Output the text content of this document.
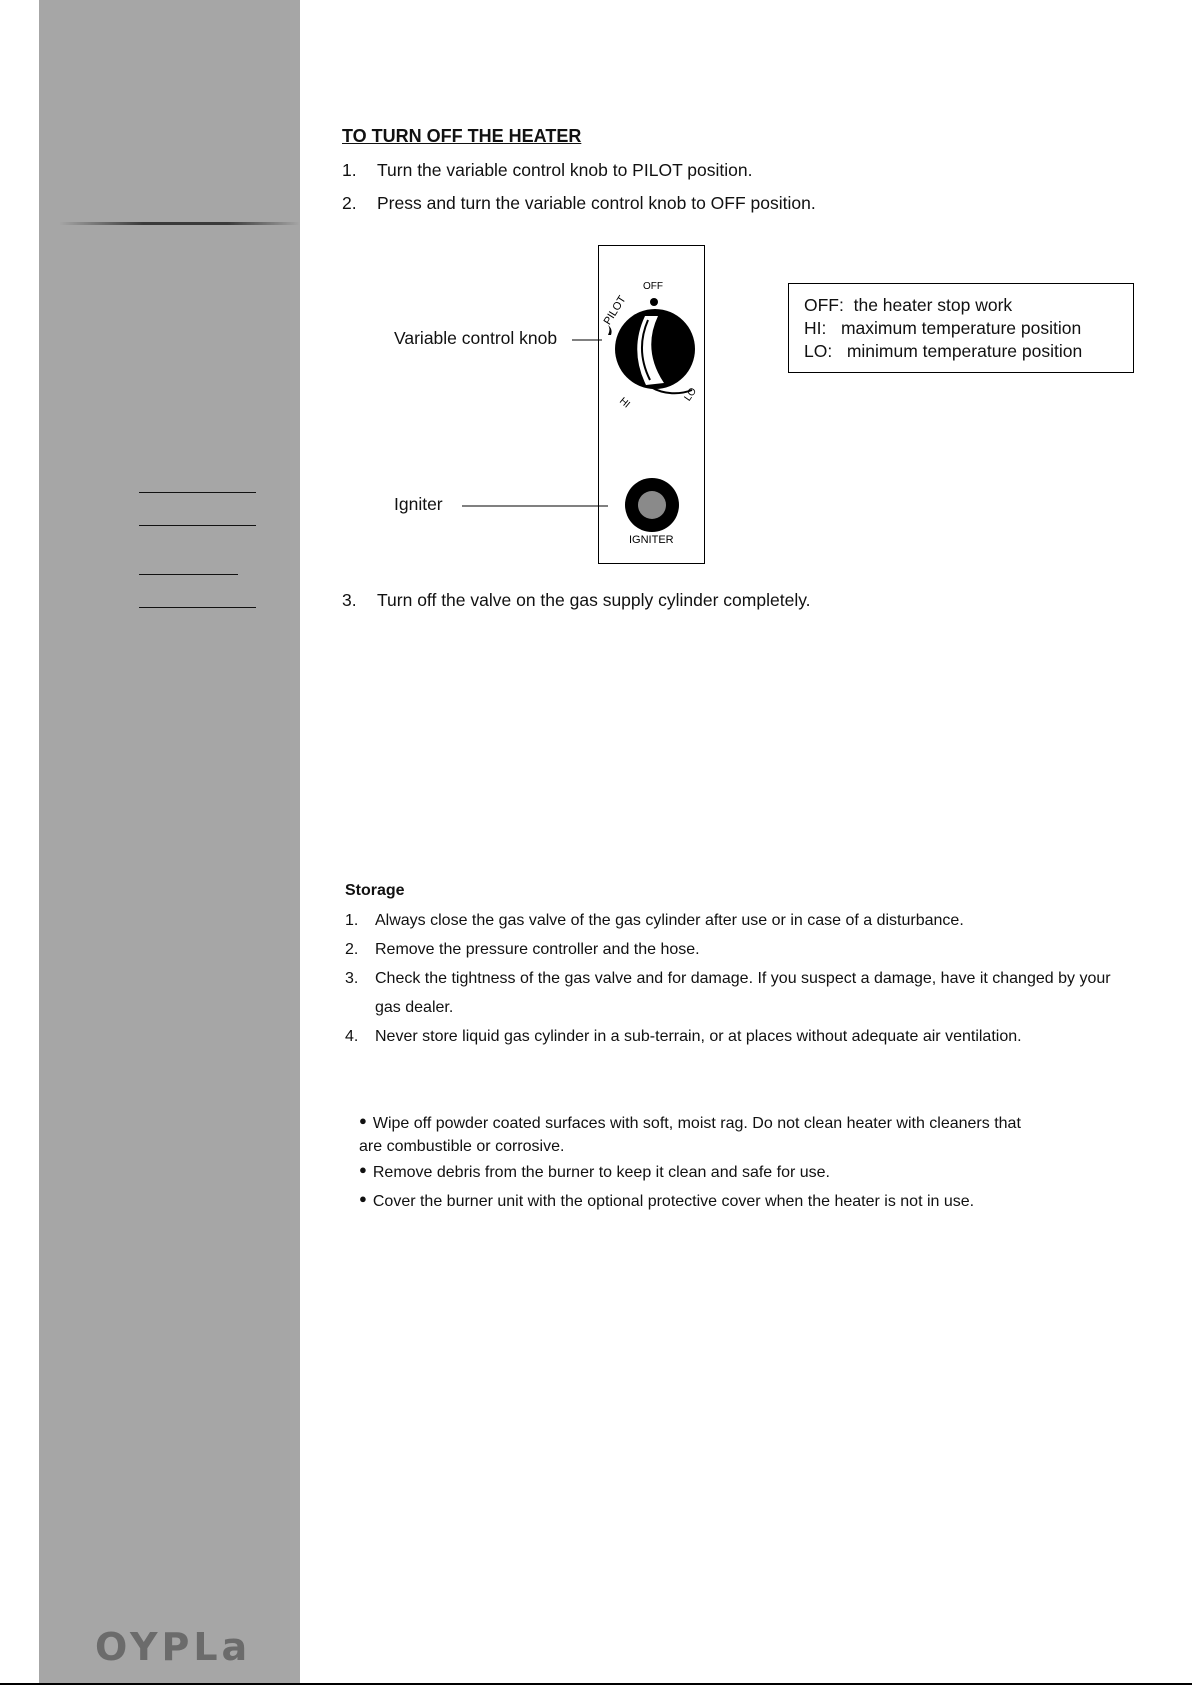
OYPLa
TO TURN OFF THE HEATER
1. Turn the variable control knob to PILOT position.
2. Press and turn the variable control knob to OFF position.
OFF
PILOT
HI	LO
IGNITER
Variable control knob
Igniter
OFF: the heater stop work
HI: maximum temperature position
LO: minimum temperature position
3. Turn off the valve on the gas supply cylinder completely.
Storage
1. Always close the gas valve of the gas cylinder after use or in case of a disturbance.
2. Remove the pressure controller and the hose.
3. Check the tightness of the gas valve and for damage. If you suspect a damage, have it changed by your
gas dealer.
4. Never store liquid gas cylinder in a sub-terrain, or at places without adequate air ventilation.
● Wipe off powder coated surfaces with soft, moist rag. Do not clean heater with cleaners that
are combustible or corrosive.
● Remove debris from the burner to keep it clean and safe for use.
● Cover the burner unit with the optional protective cover when the heater is not in use.
